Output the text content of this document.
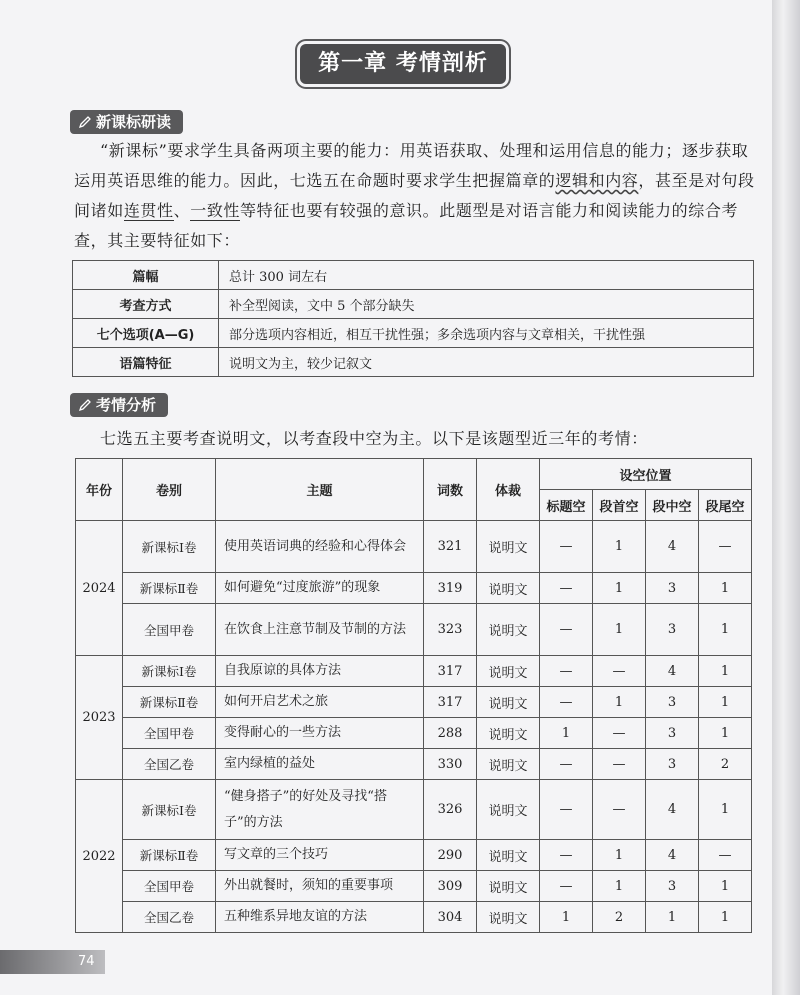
第一章 考情剖析
新课标研读
“新课标”要求学生具备两项主要的能力：用英语获取、处理和运用信息的能力；逐步获取运用英语思维的能力。因此，七选五在命题时要求学生把握篇章的逻辑和内容，甚至是对句段间诸如连贯性、一致性等特征也要有较强的意识。此题型是对语言能力和阅读能力的综合考查，其主要特征如下：
篇幅	总计 300 词左右
考查方式	补全型阅读，文中 5 个部分缺失
七个选项(A—G)	部分选项内容相近，相互干扰性强；多余选项内容与文章相关，干扰性强
语篇特征	说明文为主，较少记叙文
考情分析
七选五主要考查说明文，以考查段中空为主。以下是该题型近三年的考情：
年份	卷别	主题	词数	体裁	设空位置			
					标题空	段首空	段中空	段尾空
2024	新课标Ⅰ卷	使用英语词典的经验和心得体会	321	说明文	—	1	4	—
	新课标Ⅱ卷	如何避免“过度旅游”的现象	319	说明文	—	1	3	1
	全国甲卷	在饮食上注意节制及节制的方法	323	说明文	—	1	3	1
2023	新课标Ⅰ卷	自我原谅的具体方法	317	说明文	—	—	4	1
	新课标Ⅱ卷	如何开启艺术之旅	317	说明文	—	1	3	1
	全国甲卷	变得耐心的一些方法	288	说明文	1	—	3	1
	全国乙卷	室内绿植的益处	330	说明文	—	—	3	2
2022	新课标Ⅰ卷	“健身搭子”的好处及寻找“搭子”的方法	326	说明文	—	—	4	1
	新课标Ⅱ卷	写文章的三个技巧	290	说明文	—	1	4	—
	全国甲卷	外出就餐时，须知的重要事项	309	说明文	—	1	3	1
	全国乙卷	五种维系异地友谊的方法	304	说明文	1	2	1	1
74
